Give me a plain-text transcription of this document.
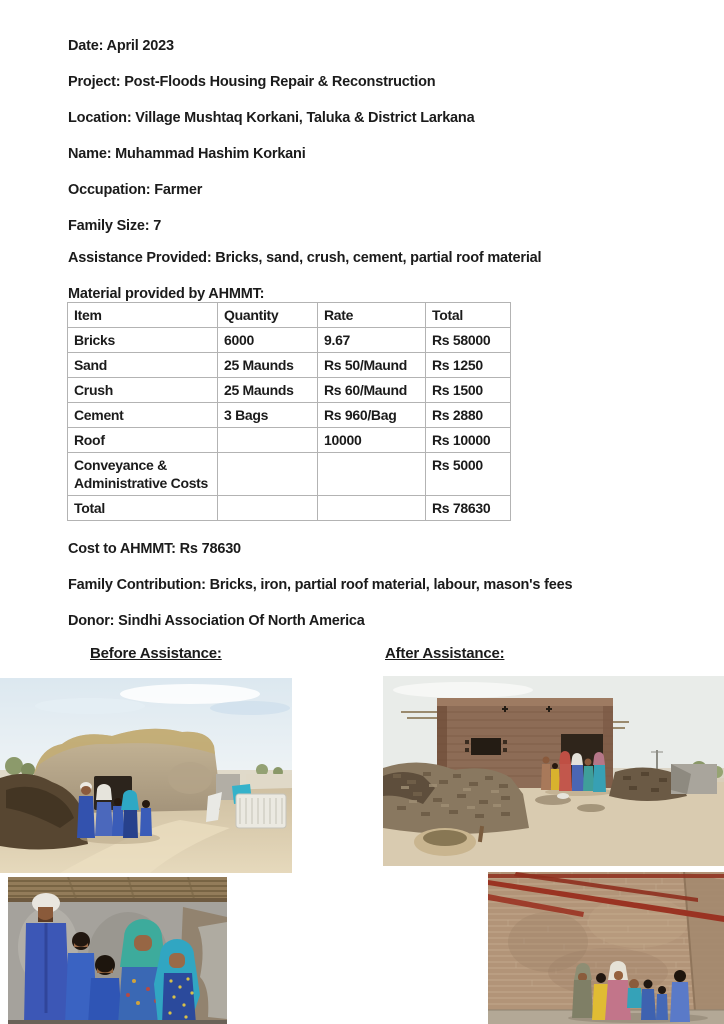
Date: April 2023
Project: Post-Floods Housing Repair & Reconstruction
Location: Village Mushtaq Korkani, Taluka & District Larkana
Name: Muhammad Hashim Korkani
Occupation: Farmer
Family Size: 7
Assistance Provided: Bricks, sand, crush, cement, partial roof material
Material provided by AHMMT:
Item	Quantity	Rate	Total
Bricks	6000	9.67	Rs 58000
Sand	25 Maunds	Rs 50/Maund	Rs 1250
Crush	25 Maunds	Rs 60/Maund	Rs 1500
Cement	3 Bags	Rs 960/Bag	Rs 2880
Roof		10000	Rs 10000
Conveyance & Administrative Costs			Rs 5000
Total			Rs 78630
Cost to AHMMT: Rs 78630
Family Contribution: Bricks, iron, partial roof material, labour, mason's fees
Donor: Sindhi Association Of North America
Before Assistance:	After Assistance:
